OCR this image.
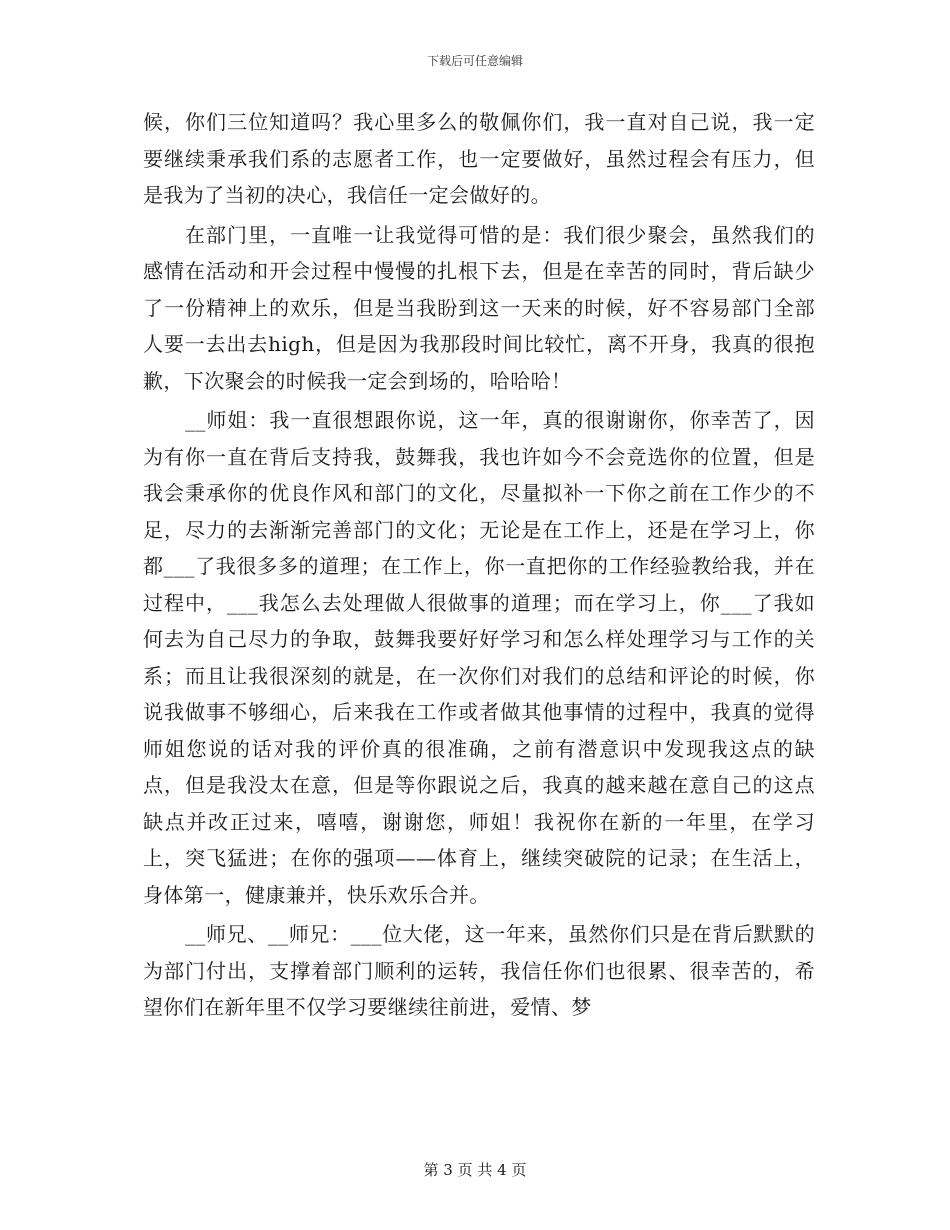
下载后可任意编辑

候，你们三位知道吗？我心里多么的敬佩你们，我一直对自己说，我一定要继续秉承我们系的志愿者工作，也一定要做好，虽然过程会有压力，但是我为了当初的决心，我信任一定会做好的。

在部门里，一直唯一让我觉得可惜的是：我们很少聚会，虽然我们的感情在活动和开会过程中慢慢的扎根下去，但是在幸苦的同时，背后缺少了一份精神上的欢乐，但是当我盼到这一天来的时候，好不容易部门全部人要一去出去high，但是因为我那段时间比较忙，离不开身，我真的很抱歉，下次聚会的时候我一定会到场的，哈哈哈！

__师姐：我一直很想跟你说，这一年，真的很谢谢你，你幸苦了，因为有你一直在背后支持我，鼓舞我，我也许如今不会竞选你的位置，但是我会秉承你的优良作风和部门的文化，尽量拟补一下你之前在工作少的不足，尽力的去渐渐完善部门的文化；无论是在工作上，还是在学习上，你都___了我很多多的道理；在工作上，你一直把你的工作经验教给我，并在过程中，___我怎么去处理做人很做事的道理；而在学习上，你___了我如何去为自己尽力的争取，鼓舞我要好好学习和怎么样处理学习与工作的关系；而且让我很深刻的就是，在一次你们对我们的总结和评论的时候，你说我做事不够细心，后来我在工作或者做其他事情的过程中，我真的觉得师姐您说的话对我的评价真的很准确，之前有潜意识中发现我这点的缺点，但是我没太在意，但是等你跟说之后，我真的越来越在意自己的这点缺点并改正过来，嘻嘻，谢谢您，师姐！我祝你在新的一年里，在学习上，突飞猛进；在你的强项——体育上，继续突破院的记录；在生活上，身体第一，健康兼并，快乐欢乐合并。

__师兄、__师兄：___位大佬，这一年来，虽然你们只是在背后默默的为部门付出，支撑着部门顺利的运转，我信任你们也很累、很幸苦的，希望你们在新年里不仅学习要继续往前进，爱情、梦

第 3 页 共 4 页
